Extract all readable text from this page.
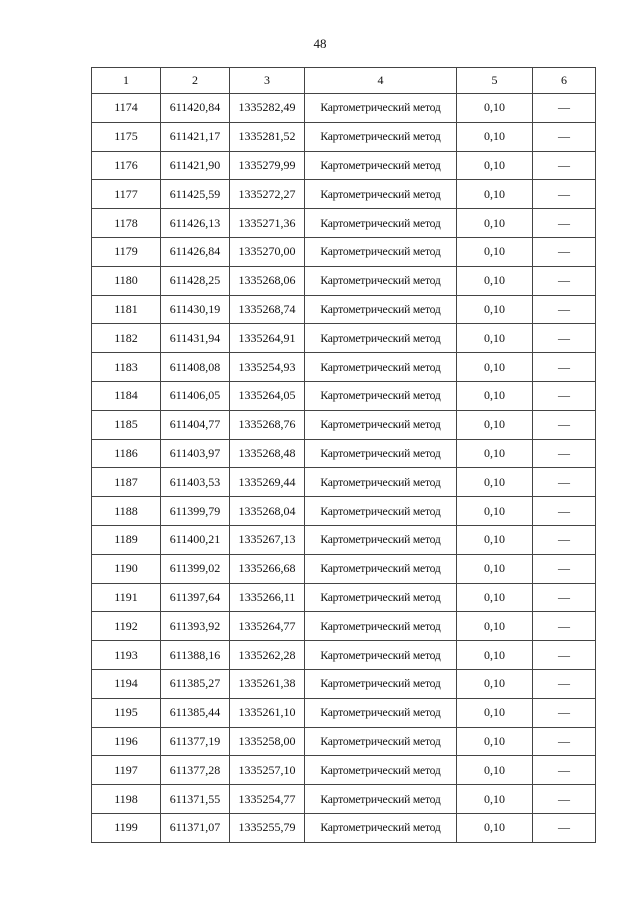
48
1	2	3	4	5	6
1174	611420,84	1335282,49	Картометрический метод	0,10	—
1175	611421,17	1335281,52	Картометрический метод	0,10	—
1176	611421,90	1335279,99	Картометрический метод	0,10	—
1177	611425,59	1335272,27	Картометрический метод	0,10	—
1178	611426,13	1335271,36	Картометрический метод	0,10	—
1179	611426,84	1335270,00	Картометрический метод	0,10	—
1180	611428,25	1335268,06	Картометрический метод	0,10	—
1181	611430,19	1335268,74	Картометрический метод	0,10	—
1182	611431,94	1335264,91	Картометрический метод	0,10	—
1183	611408,08	1335254,93	Картометрический метод	0,10	—
1184	611406,05	1335264,05	Картометрический метод	0,10	—
1185	611404,77	1335268,76	Картометрический метод	0,10	—
1186	611403,97	1335268,48	Картометрический метод	0,10	—
1187	611403,53	1335269,44	Картометрический метод	0,10	—
1188	611399,79	1335268,04	Картометрический метод	0,10	—
1189	611400,21	1335267,13	Картометрический метод	0,10	—
1190	611399,02	1335266,68	Картометрический метод	0,10	—
1191	611397,64	1335266,11	Картометрический метод	0,10	—
1192	611393,92	1335264,77	Картометрический метод	0,10	—
1193	611388,16	1335262,28	Картометрический метод	0,10	—
1194	611385,27	1335261,38	Картометрический метод	0,10	—
1195	611385,44	1335261,10	Картометрический метод	0,10	—
1196	611377,19	1335258,00	Картометрический метод	0,10	—
1197	611377,28	1335257,10	Картометрический метод	0,10	—
1198	611371,55	1335254,77	Картометрический метод	0,10	—
1199	611371,07	1335255,79	Картометрический метод	0,10	—
